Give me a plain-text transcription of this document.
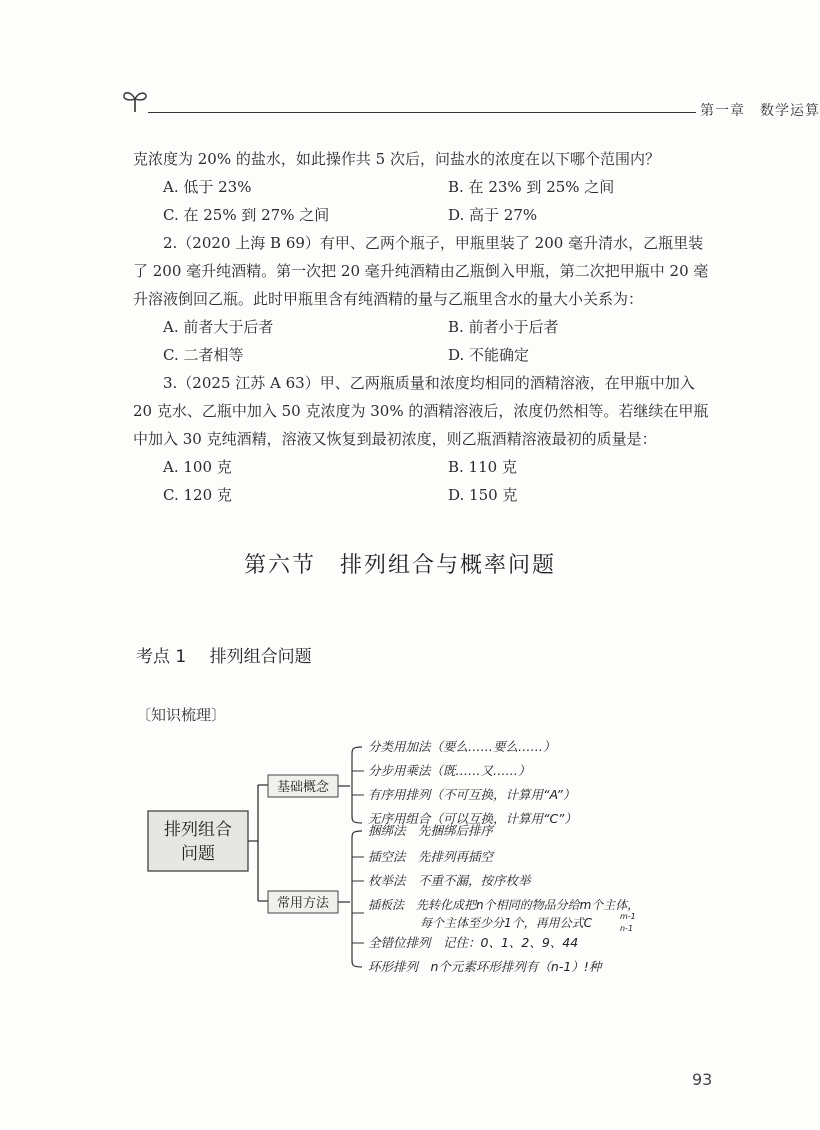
第一章　数学运算

克浓度为 20% 的盐水，如此操作共 5 次后，问盐水的浓度在以下哪个范围内？

A. 低于 23%	B. 在 23% 到 25% 之间
C. 在 25% 到 27% 之间	D. 高于 27%

2.（2020 上海 B 69）有甲、乙两个瓶子，甲瓶里装了 200 毫升清水，乙瓶里装

了 200 毫升纯酒精。第一次把 20 毫升纯酒精由乙瓶倒入甲瓶，第二次把甲瓶中 20 毫

升溶液倒回乙瓶。此时甲瓶里含有纯酒精的量与乙瓶里含水的量大小关系为：

A. 前者大于后者	B. 前者小于后者
C. 二者相等	D. 不能确定

3.（2025 江苏 A 63）甲、乙两瓶质量和浓度均相同的酒精溶液，在甲瓶中加入

20 克水、乙瓶中加入 50 克浓度为 30% 的酒精溶液后，浓度仍然相等。若继续在甲瓶

中加入 30 克纯酒精，溶液又恢复到最初浓度，则乙瓶酒精溶液最初的质量是：

A. 100 克	B. 110 克
C. 120 克	D. 150 克
第六节　排列组合与概率问题
考点 1 排列组合问题
〔知识梳理〕
排列组合
问题
基础概念
分类用加法（要么……要么……）
分步用乘法（既……又……）
有序用排列（不可互换，计算用“A”）
无序用组合（可以互换，计算用“C”）
常用方法
捆绑法　先捆绑后排序
插空法　先排列再插空
枚举法　不重不漏，按序枚举
插板法　先转化成把n个相同的物品分给m个主体，
每个主体至少分1个，再用公式C	m-1
n-1
全错位排列　记住：0、1、2、9、44
环形排列　n个元素环形排列有（n-1）!种
93
